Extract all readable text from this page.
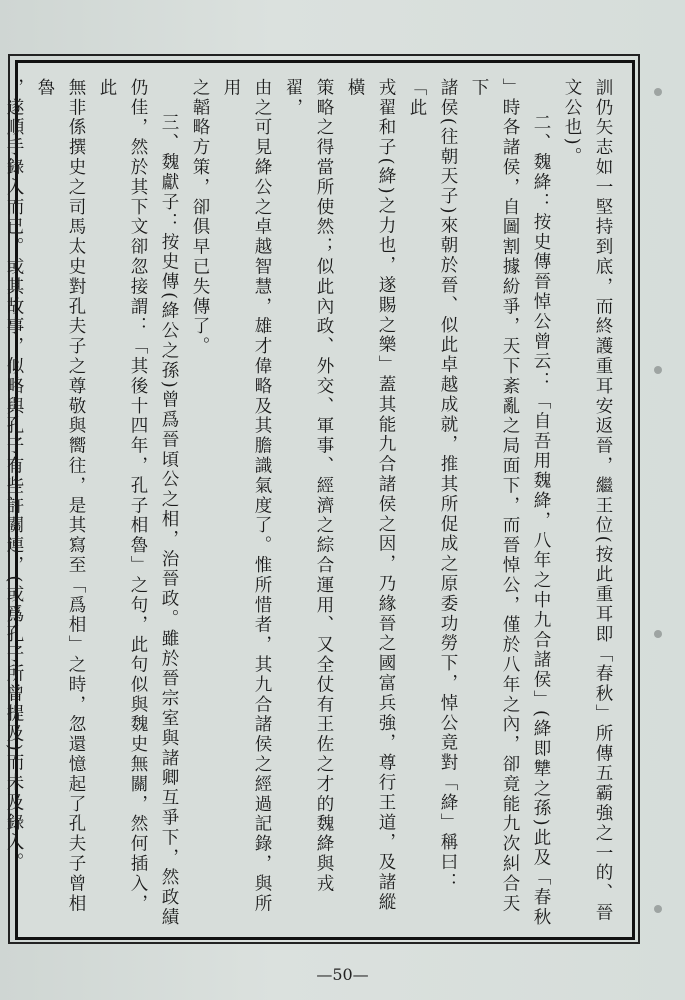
訓仍矢志如一堅持到底，而終護重耳安返晉，繼王位(按此重耳即「春秋」所傳五霸強之一的、晉

文公也)。

二、魏絳：按史傳晉悼公曾云：「自吾用魏絳，八年之中九合諸侯」(絳即犨之孫)此及「春秋

」時各諸侯，自圖割據紛爭，天下紊亂之局面下，而晉悼公，僅於八年之內，卻竟能九次糾合天下

諸侯(往朝天子)來朝於晉、似此卓越成就，推其所促成之原委功勞下，悼公竟對「絳」稱曰：「此

戎翟和子(絳)之力也，遂賜之樂」蓋其能九合諸侯之因，乃緣晉之國富兵強，尊行王道，及諸縱橫

策略之得當所使然；似此內政、外交、軍事、經濟之綜合運用、又全仗有王佐之才的魏絳與戎翟，

由之可見絳公之卓越智慧，雄才偉略及其膽識氣度了。惟所惜者，其九合諸侯之經過記錄，與所用

之韜略方策，卻俱早已失傳了。

三、魏獻子：按史傳(絳公之孫)曾爲晉頃公之相，治晉政。雖於晉宗室與諸卿互爭下，然政績

仍佳，然於其下文卻忽接謂：「其後十四年，孔子相魯」之句，此句似與魏史無關，然何插入，此

無非係撰史之司馬太史對孔夫子之尊敬與嚮往，是其寫至「爲相」之時，忽還憶起了孔夫子曾相魯

，遂順手錄入而已。或其故事，似略與孔子有些許關連，(或爲孔子所曾提及)而未及錄入。

—50—
